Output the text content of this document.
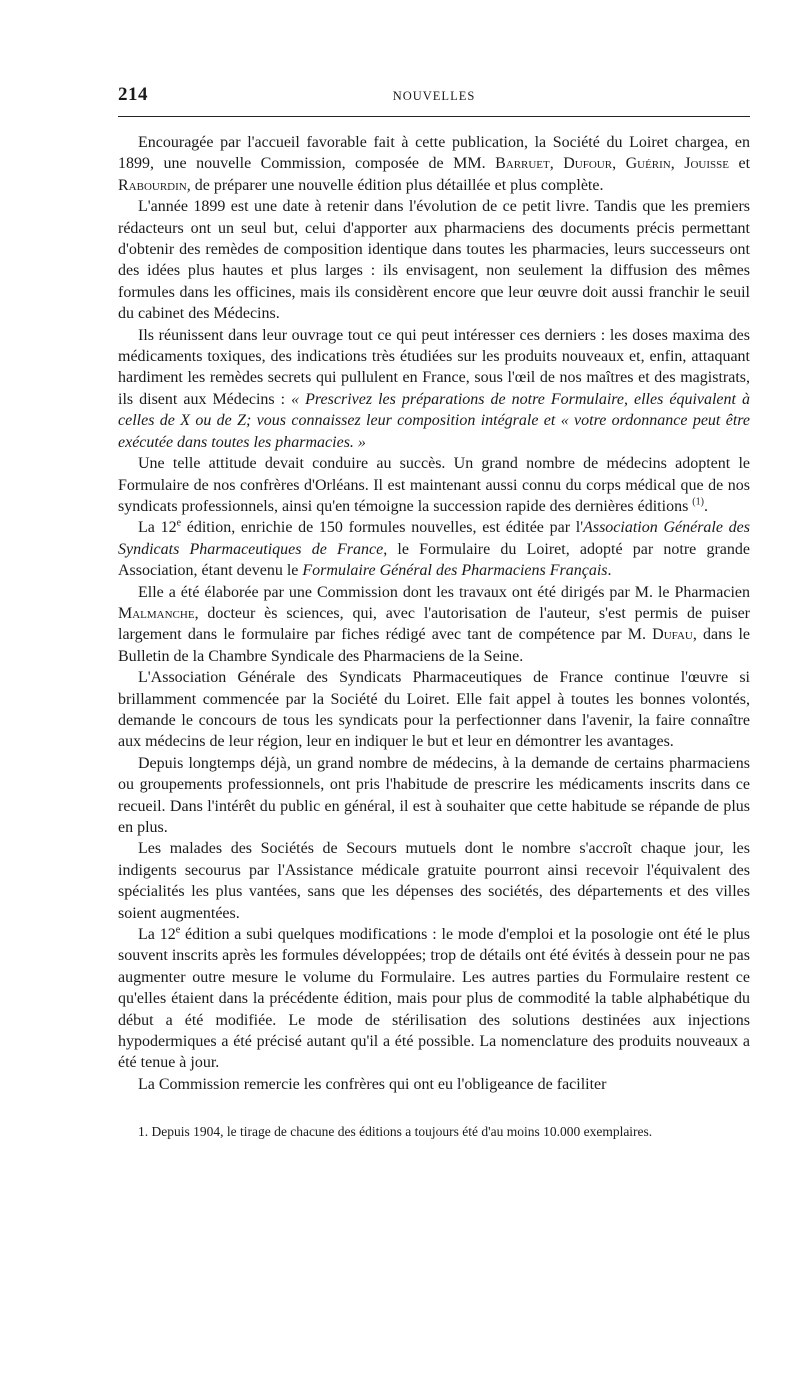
214	NOUVELLES

Encouragée par l'accueil favorable fait à cette publication, la Société du Loiret chargea, en 1899, une nouvelle Commission, composée de MM. Barruet, Dufour, Guérin, Jouisse et Rabourdin, de préparer une nouvelle édition plus détaillée et plus complète.

L'année 1899 est une date à retenir dans l'évolution de ce petit livre. Tandis que les premiers rédacteurs ont un seul but, celui d'apporter aux pharmaciens des documents précis permettant d'obtenir des remèdes de composition identique dans toutes les pharmacies, leurs successeurs ont des idées plus hautes et plus larges : ils envisagent, non seulement la diffusion des mêmes formules dans les officines, mais ils considèrent encore que leur œuvre doit aussi franchir le seuil du cabinet des Médecins.

Ils réunissent dans leur ouvrage tout ce qui peut intéresser ces derniers : les doses maxima des médicaments toxiques, des indications très étudiées sur les produits nouveaux et, enfin, attaquant hardiment les remèdes secrets qui pullulent en France, sous l'œil de nos maîtres et des magistrats, ils disent aux Médecins : « Prescrivez les préparations de notre Formulaire, elles équivalent à celles de X ou de Z; vous connaissez leur composition intégrale et « votre ordonnance peut être exécutée dans toutes les pharmacies. »

Une telle attitude devait conduire au succès. Un grand nombre de médecins adoptent le Formulaire de nos confrères d'Orléans. Il est maintenant aussi connu du corps médical que de nos syndicats professionnels, ainsi qu'en témoigne la succession rapide des dernières éditions $^{(1)}$.

La 12e édition, enrichie de 150 formules nouvelles, est éditée par l'Association Générale des Syndicats Pharmaceutiques de France, le Formulaire du Loiret, adopté par notre grande Association, étant devenu le Formulaire Général des Pharmaciens Français.

Elle a été élaborée par une Commission dont les travaux ont été dirigés par M. le Pharmacien Malmanche, docteur ès sciences, qui, avec l'autorisation de l'auteur, s'est permis de puiser largement dans le formulaire par fiches rédigé avec tant de compétence par M. Dufau, dans le Bulletin de la Chambre Syndicale des Pharmaciens de la Seine.

L'Association Générale des Syndicats Pharmaceutiques de France continue l'œuvre si brillamment commencée par la Société du Loiret. Elle fait appel à toutes les bonnes volontés, demande le concours de tous les syndicats pour la perfectionner dans l'avenir, la faire connaître aux médecins de leur région, leur en indiquer le but et leur en démontrer les avantages.

Depuis longtemps déjà, un grand nombre de médecins, à la demande de certains pharmaciens ou groupements professionnels, ont pris l'habitude de prescrire les médicaments inscrits dans ce recueil. Dans l'intérêt du public en général, il est à souhaiter que cette habitude se répande de plus en plus.

Les malades des Sociétés de Secours mutuels dont le nombre s'accroît chaque jour, les indigents secourus par l'Assistance médicale gratuite pourront ainsi recevoir l'équivalent des spécialités les plus vantées, sans que les dépenses des sociétés, des départements et des villes soient augmentées.

La 12e édition a subi quelques modifications : le mode d'emploi et la posologie ont été le plus souvent inscrits après les formules développées; trop de détails ont été évités à dessein pour ne pas augmenter outre mesure le volume du Formulaire. Les autres parties du Formulaire restent ce qu'elles étaient dans la précédente édition, mais pour plus de commodité la table alphabétique du début a été modifiée. Le mode de stérilisation des solutions destinées aux injections hypodermiques a été précisé autant qu'il a été possible. La nomenclature des produits nouveaux a été tenue à jour.

La Commission remercie les confrères qui ont eu l'obligeance de faciliter

1. Depuis 1904, le tirage de chacune des éditions a toujours été d'au moins 10.000 exemplaires.
